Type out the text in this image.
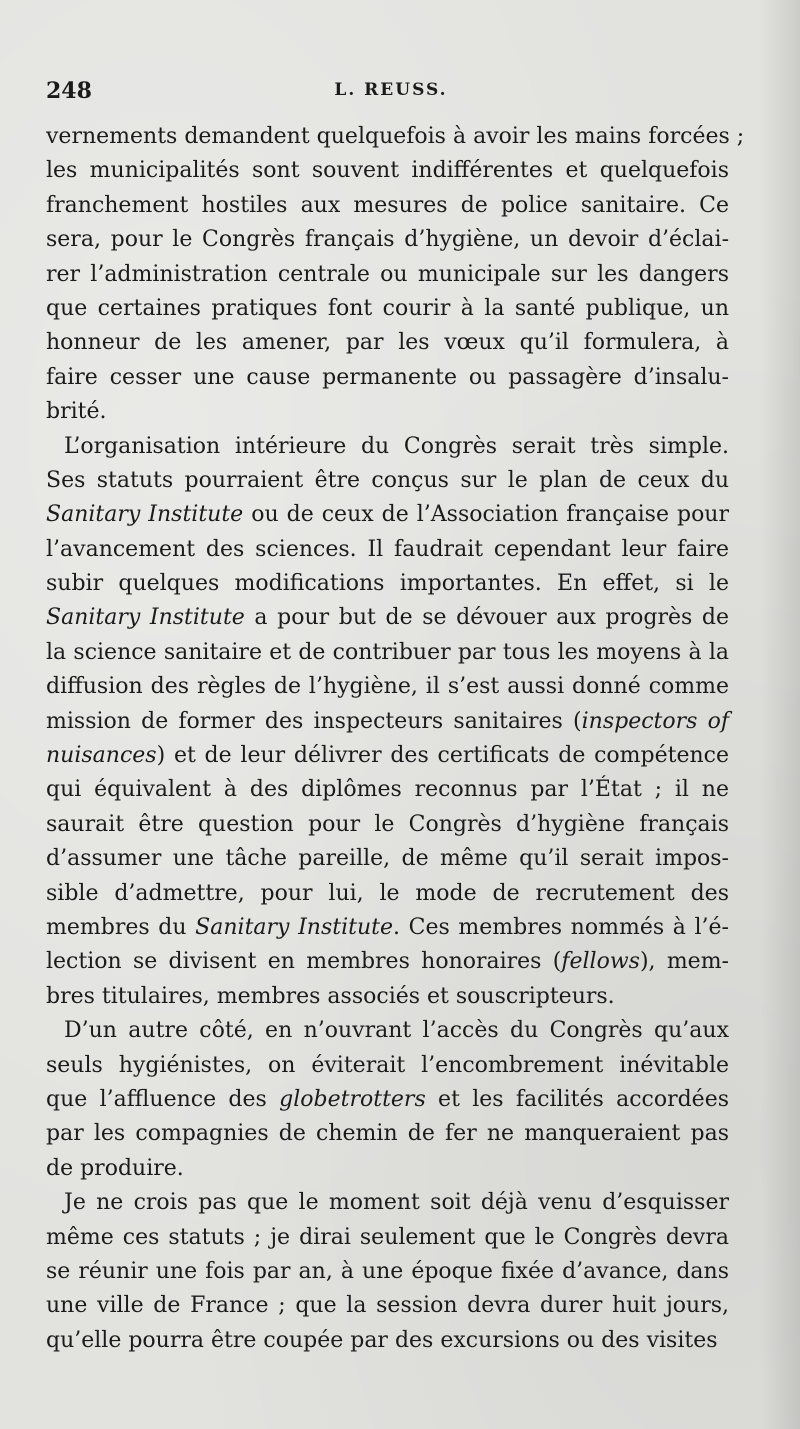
248	L. REUSS.
vernements demandent quelquefois à avoir les mains forcées ;
les municipalités sont souvent indifférentes et quelquefois
franchement hostiles aux mesures de police sanitaire. Ce
sera, pour le Congrès français d’hygiène, un devoir d’éclai-
rer l’administration centrale ou municipale sur les dangers
que certaines pratiques font courir à la santé publique, un
honneur de les amener, par les vœux qu’il formulera, à
faire cesser une cause permanente ou passagère d’insalu-
brité.
L’organisation intérieure du Congrès serait très simple.
Ses statuts pourraient être conçus sur le plan de ceux du
Sanitary Institute ou de ceux de l’Association française pour
l’avancement des sciences. Il faudrait cependant leur faire
subir quelques modifications importantes. En effet, si le
Sanitary Institute a pour but de se dévouer aux progrès de
la science sanitaire et de contribuer par tous les moyens à la
diffusion des règles de l’hygiène, il s’est aussi donné comme
mission de former des inspecteurs sanitaires (inspectors of
nuisances) et de leur délivrer des certificats de compétence
qui équivalent à des diplômes reconnus par l’État ; il ne
saurait être question pour le Congrès d’hygiène français
d’assumer une tâche pareille, de même qu’il serait impos-
sible d’admettre, pour lui, le mode de recrutement des
membres du Sanitary Institute. Ces membres nommés à l’é-
lection se divisent en membres honoraires (fellows), mem-
bres titulaires, membres associés et souscripteurs.
D’un autre côté, en n’ouvrant l’accès du Congrès qu’aux
seuls hygiénistes, on éviterait l’encombrement inévitable
que l’affluence des globetrotters et les facilités accordées
par les compagnies de chemin de fer ne manqueraient pas
de produire.
Je ne crois pas que le moment soit déjà venu d’esquisser
même ces statuts ; je dirai seulement que le Congrès devra
se réunir une fois par an, à une époque fixée d’avance, dans
une ville de France ; que la session devra durer huit jours,
qu’elle pourra être coupée par des excursions ou des visites
